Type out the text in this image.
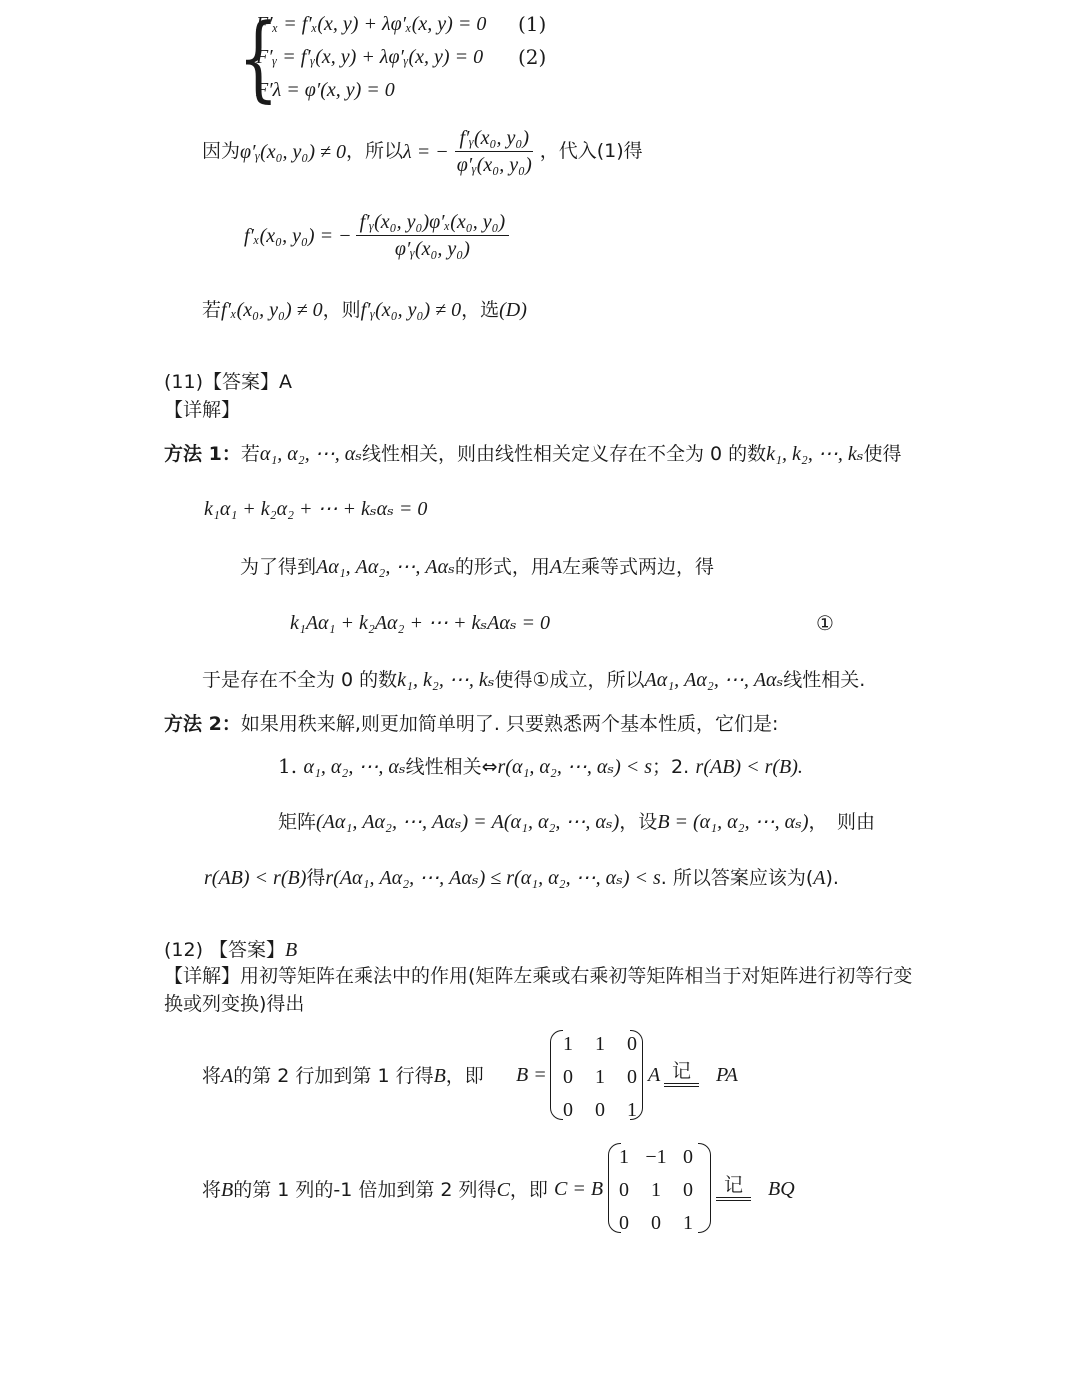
{
F′ₓ = f′ₓ(x, y) + λφ′ₓ(x, y) = 0 (1)
F′ᵧ = f′ᵧ(x, y) + λφ′ᵧ(x, y) = 0 (2)
F′λ = φ′(x, y) = 0
因为 φ′ᵧ(x₀, y₀) ≠ 0 ，所以 λ = − $\frac{\text{f′ᵧ(x₀, y₀)}}{\text{φ′ᵧ(x₀, y₀)}}$ ，代入(1)得
f′ₓ(x₀, y₀) = − $\frac{\text{f′ᵧ(x₀, y₀)φ′ₓ(x₀, y₀)}}{\text{φ′ᵧ(x₀, y₀)}}$
若f′ₓ(x₀, y₀) ≠ 0，则f′ᵧ(x₀, y₀) ≠ 0，选(D)
(11)【答案】A
【详解】
方法 1：若α₁, α₂, ⋯, αₛ线性相关，则由线性相关定义存在不全为 0 的数k₁, k₂, ⋯, kₛ使得
k₁α₁ + k₂α₂ + ⋯ + kₛαₛ = 0
为了得到Aα₁, Aα₂, ⋯, Aαₛ的形式，用A左乘等式两边，得
k₁Aα₁ + k₂Aα₂ + ⋯ + kₛAαₛ = 0	①
于是存在不全为 0 的数k₁, k₂, ⋯, kₛ使得①成立，所以Aα₁, Aα₂, ⋯, Aαₛ线性相关.
方法 2：如果用秩来解,则更加简单明了. 只要熟悉两个基本性质，它们是:
1. α₁, α₂, ⋯, αₛ线性相关⇔r(α₁, α₂, ⋯, αₛ) < s；2. r(AB) < r(B).
矩阵(Aα₁, Aα₂, ⋯, Aαₛ) = A(α₁, α₂, ⋯, αₛ)，设B = (α₁, α₂, ⋯, αₛ)，　则由
r(AB) < r(B)得r(Aα₁, Aα₂, ⋯, Aαₛ) ≤ r(α₁, α₂, ⋯, αₛ) < s. 所以答案应该为(A).
(12) 【答案】B
【详解】用初等矩阵在乘法中的作用(矩阵左乘或右乘初等矩阵相当于对矩阵进行初等行变
换或列变换)得出
将A的第 2 行加到第 1 行得B，即 B =
1	1	0
0	1	0
0	0	1
A 记	PA
将B的第 1 列的-1 倍加到第 2 列得C，即 C = B
1	−1	0
0	1	0
0	0	1
记	BQ
